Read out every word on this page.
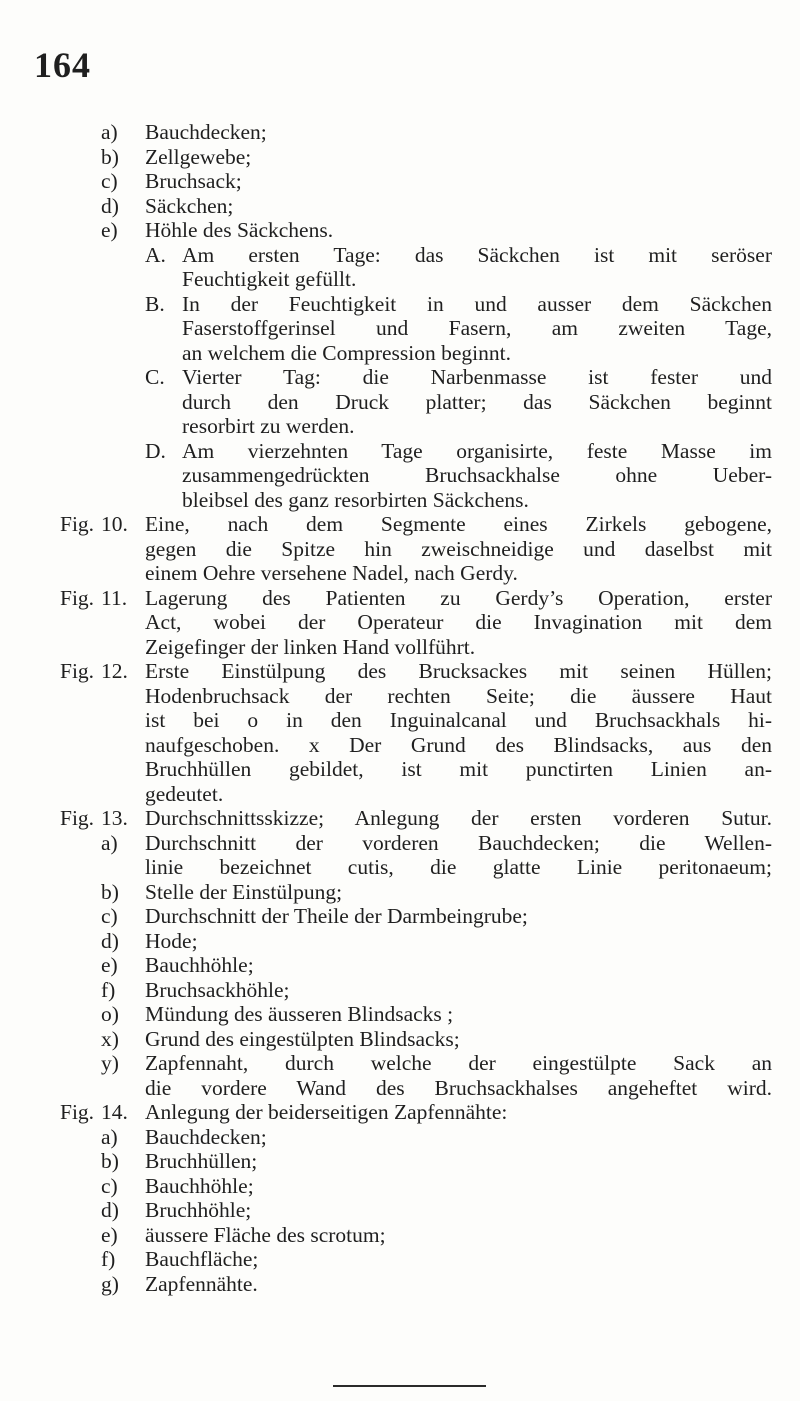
164
a) Bauchdecken;
b) Zellgewebe;
c) Bruchsack;
d) Säckchen;
e) Höhle des Säckchens.
A. Am ersten Tage: das Säckchen ist mit seröser
Feuchtigkeit gefüllt.
B. In der Feuchtigkeit in und ausser dem Säckchen
Faserstoffgerinsel und Fasern, am zweiten Tage,
an welchem die Compression beginnt.
C. Vierter Tag: die Narbenmasse ist fester und
durch den Druck platter; das Säckchen beginnt
resorbirt zu werden.
D. Am vierzehnten Tage organisirte, feste Masse im
zusammengedrückten Bruchsackhalse ohne Ueber-
bleibsel des ganz resorbirten Säckchens.
Fig. 10. Eine, nach dem Segmente eines Zirkels gebogene,
gegen die Spitze hin zweischneidige und daselbst mit
einem Oehre versehene Nadel, nach Gerdy.
Fig. 11. Lagerung des Patienten zu Gerdy’s Operation, erster
Act, wobei der Operateur die Invagination mit dem
Zeigefinger der linken Hand vollführt.
Fig. 12. Erste Einstülpung des Brucksackes mit seinen Hüllen;
Hodenbruchsack der rechten Seite; die äussere Haut
ist bei o in den Inguinalcanal und Bruchsackhals hi-
naufgeschoben. x Der Grund des Blindsacks, aus den
Bruchhüllen gebildet, ist mit punctirten Linien an-
gedeutet.
Fig. 13. Durchschnittsskizze; Anlegung der ersten vorderen Sutur.
a) Durchschnitt der vorderen Bauchdecken; die Wellen-
linie bezeichnet cutis, die glatte Linie peritonaeum;
b) Stelle der Einstülpung;
c) Durchschnitt der Theile der Darmbeingrube;
d) Hode;
e) Bauchhöhle;
f) Bruchsackhöhle;
o) Mündung des äusseren Blindsacks ;
x) Grund des eingestülpten Blindsacks;
y) Zapfennaht, durch welche der eingestülpte Sack an
die vordere Wand des Bruchsackhalses angeheftet wird.
Fig. 14. Anlegung der beiderseitigen Zapfennähte:
a) Bauchdecken;
b) Bruchhüllen;
c) Bauchhöhle;
d) Bruchhöhle;
e) äussere Fläche des scrotum;
f) Bauchfläche;
g) Zapfennähte.
